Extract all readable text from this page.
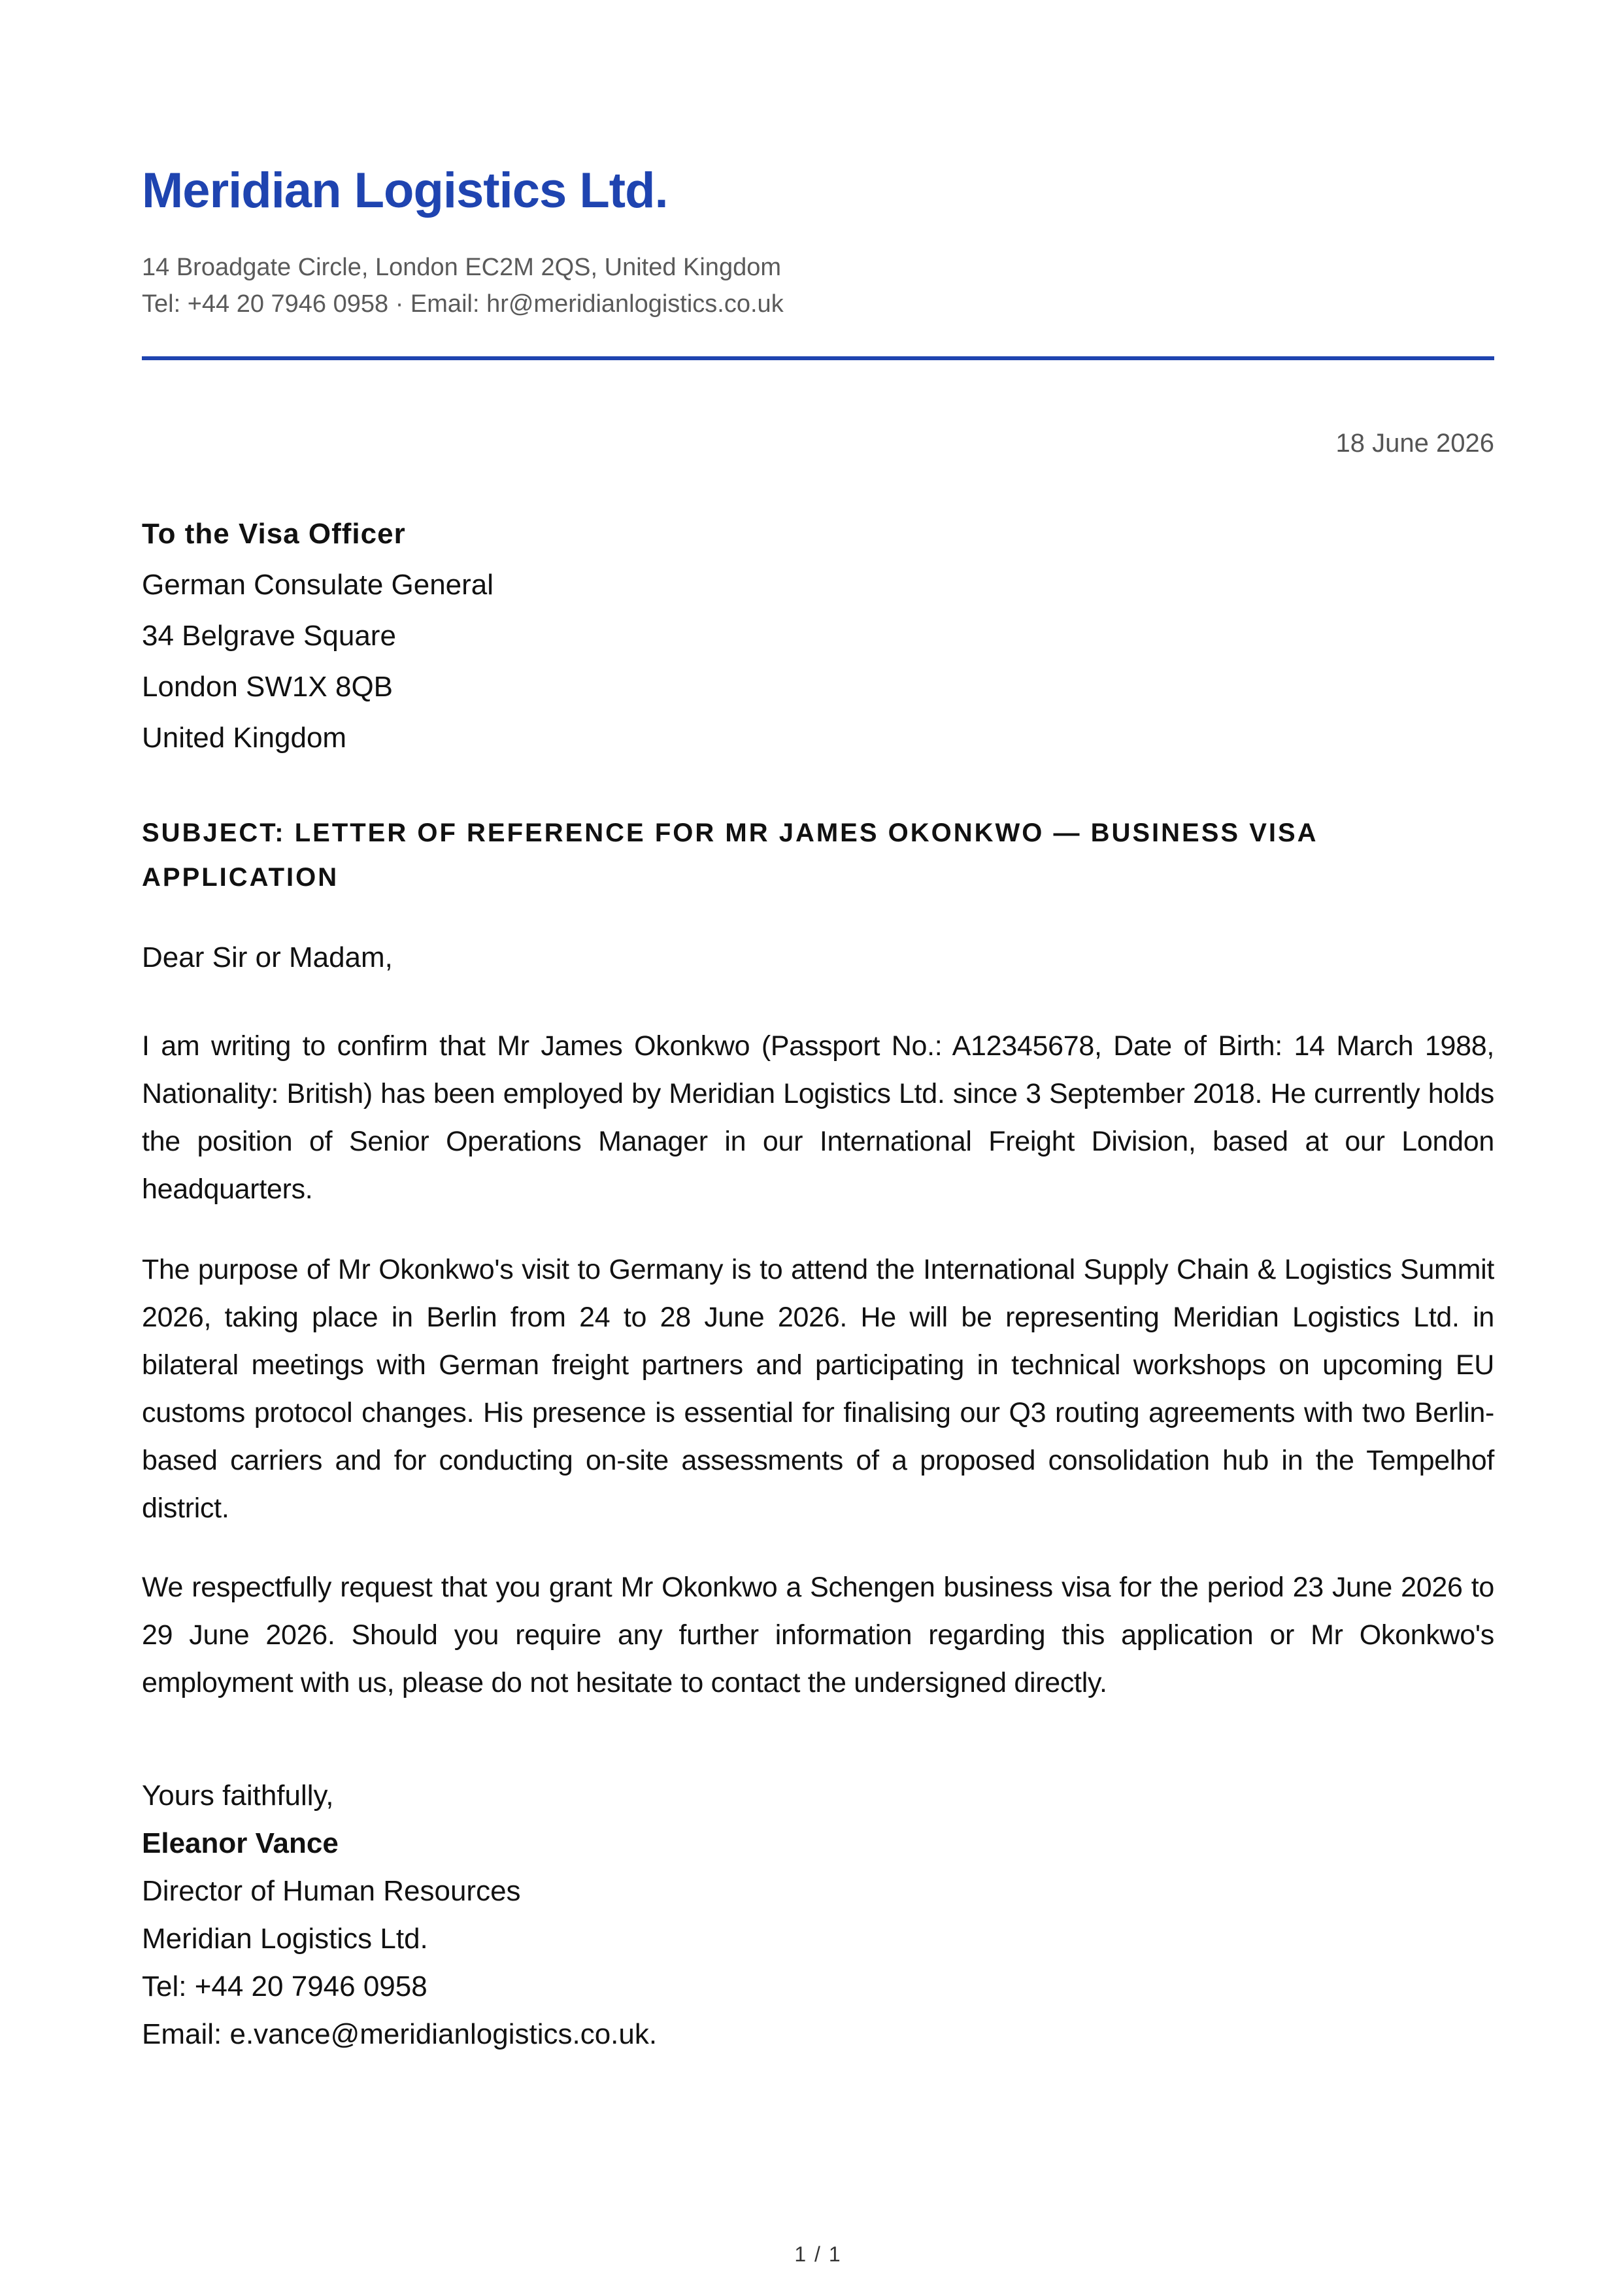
Meridian Logistics Ltd.
14 Broadgate Circle, London EC2M 2QS, United Kingdom
Tel: +44 20 7946 0958 · Email: hr@meridianlogistics.co.uk
18 June 2026
To the Visa Officer
German Consulate General
34 Belgrave Square
London SW1X 8QB
United Kingdom

SUBJECT: LETTER OF REFERENCE FOR MR JAMES OKONKWO — BUSINESS VISA APPLICATION

Dear Sir or Madam,

I am writing to confirm that Mr James Okonkwo (Passport No.: A12345678, Date of Birth: 14 March 1988, Nationality: British) has been employed by Meridian Logistics Ltd. since 3 September 2018. He currently holds the position of Senior Operations Manager in our International Freight Division, based at our London headquarters.

The purpose of Mr Okonkwo's visit to Germany is to attend the International Supply Chain & Logistics Summit 2026, taking place in Berlin from 24 to 28 June 2026. He will be representing Meridian Logistics Ltd. in bilateral meetings with German freight partners and participating in technical workshops on upcoming EU customs protocol changes. His presence is essential for finalising our Q3 routing agreements with two Berlin-based carriers and for conducting on-site assessments of a proposed consolidation hub in the Tempelhof district.

We respectfully request that you grant Mr Okonkwo a Schengen business visa for the period 23 June 2026 to 29 June 2026. Should you require any further information regarding this application or Mr Okonkwo's employment with us, please do not hesitate to contact the undersigned directly.

Yours faithfully,
Eleanor Vance
Director of Human Resources
Meridian Logistics Ltd.
Tel: +44 20 7946 0958
Email: e.vance@meridianlogistics.co.uk.
1 / 1
